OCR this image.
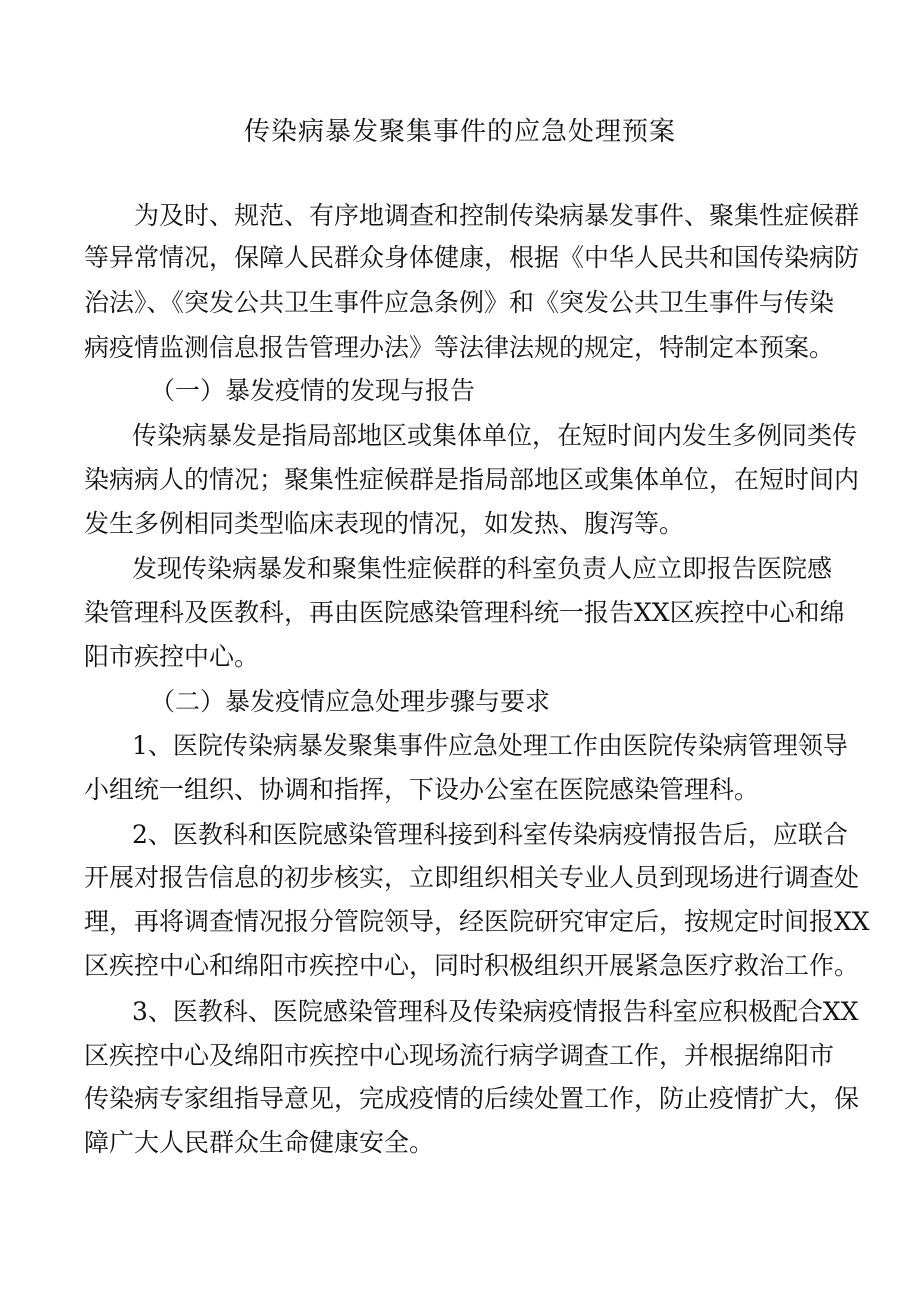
传染病暴发聚集事件的应急处理预案
为及时、规范、有序地调查和控制传染病暴发事件、聚集性症候群
等异常情况，保障人民群众身体健康，根据《中华人民共和国传染病防
治法》、《突发公共卫生事件应急条例》和《突发公共卫生事件与传染
病疫情监测信息报告管理办法》等法律法规的规定，特制定本预案。
（一）暴发疫情的发现与报告
传染病暴发是指局部地区或集体单位，在短时间内发生多例同类传
染病病人的情况；聚集性症候群是指局部地区或集体单位，在短时间内
发生多例相同类型临床表现的情况，如发热、腹泻等。
发现传染病暴发和聚集性症候群的科室负责人应立即报告医院感
染管理科及医教科，再由医院感染管理科统一报告XX区疾控中心和绵
阳市疾控中心。
（二）暴发疫情应急处理步骤与要求
1、医院传染病暴发聚集事件应急处理工作由医院传染病管理领导
小组统一组织、协调和指挥，下设办公室在医院感染管理科。
2、医教科和医院感染管理科接到科室传染病疫情报告后，应联合
开展对报告信息的初步核实，立即组织相关专业人员到现场进行调查处
理，再将调查情况报分管院领导，经医院研究审定后，按规定时间报XX
区疾控中心和绵阳市疾控中心，同时积极组织开展紧急医疗救治工作。
3、医教科、医院感染管理科及传染病疫情报告科室应积极配合XX
区疾控中心及绵阳市疾控中心现场流行病学调查工作，并根据绵阳市
传染病专家组指导意见，完成疫情的后续处置工作，防止疫情扩大，保
障广大人民群众生命健康安全。
